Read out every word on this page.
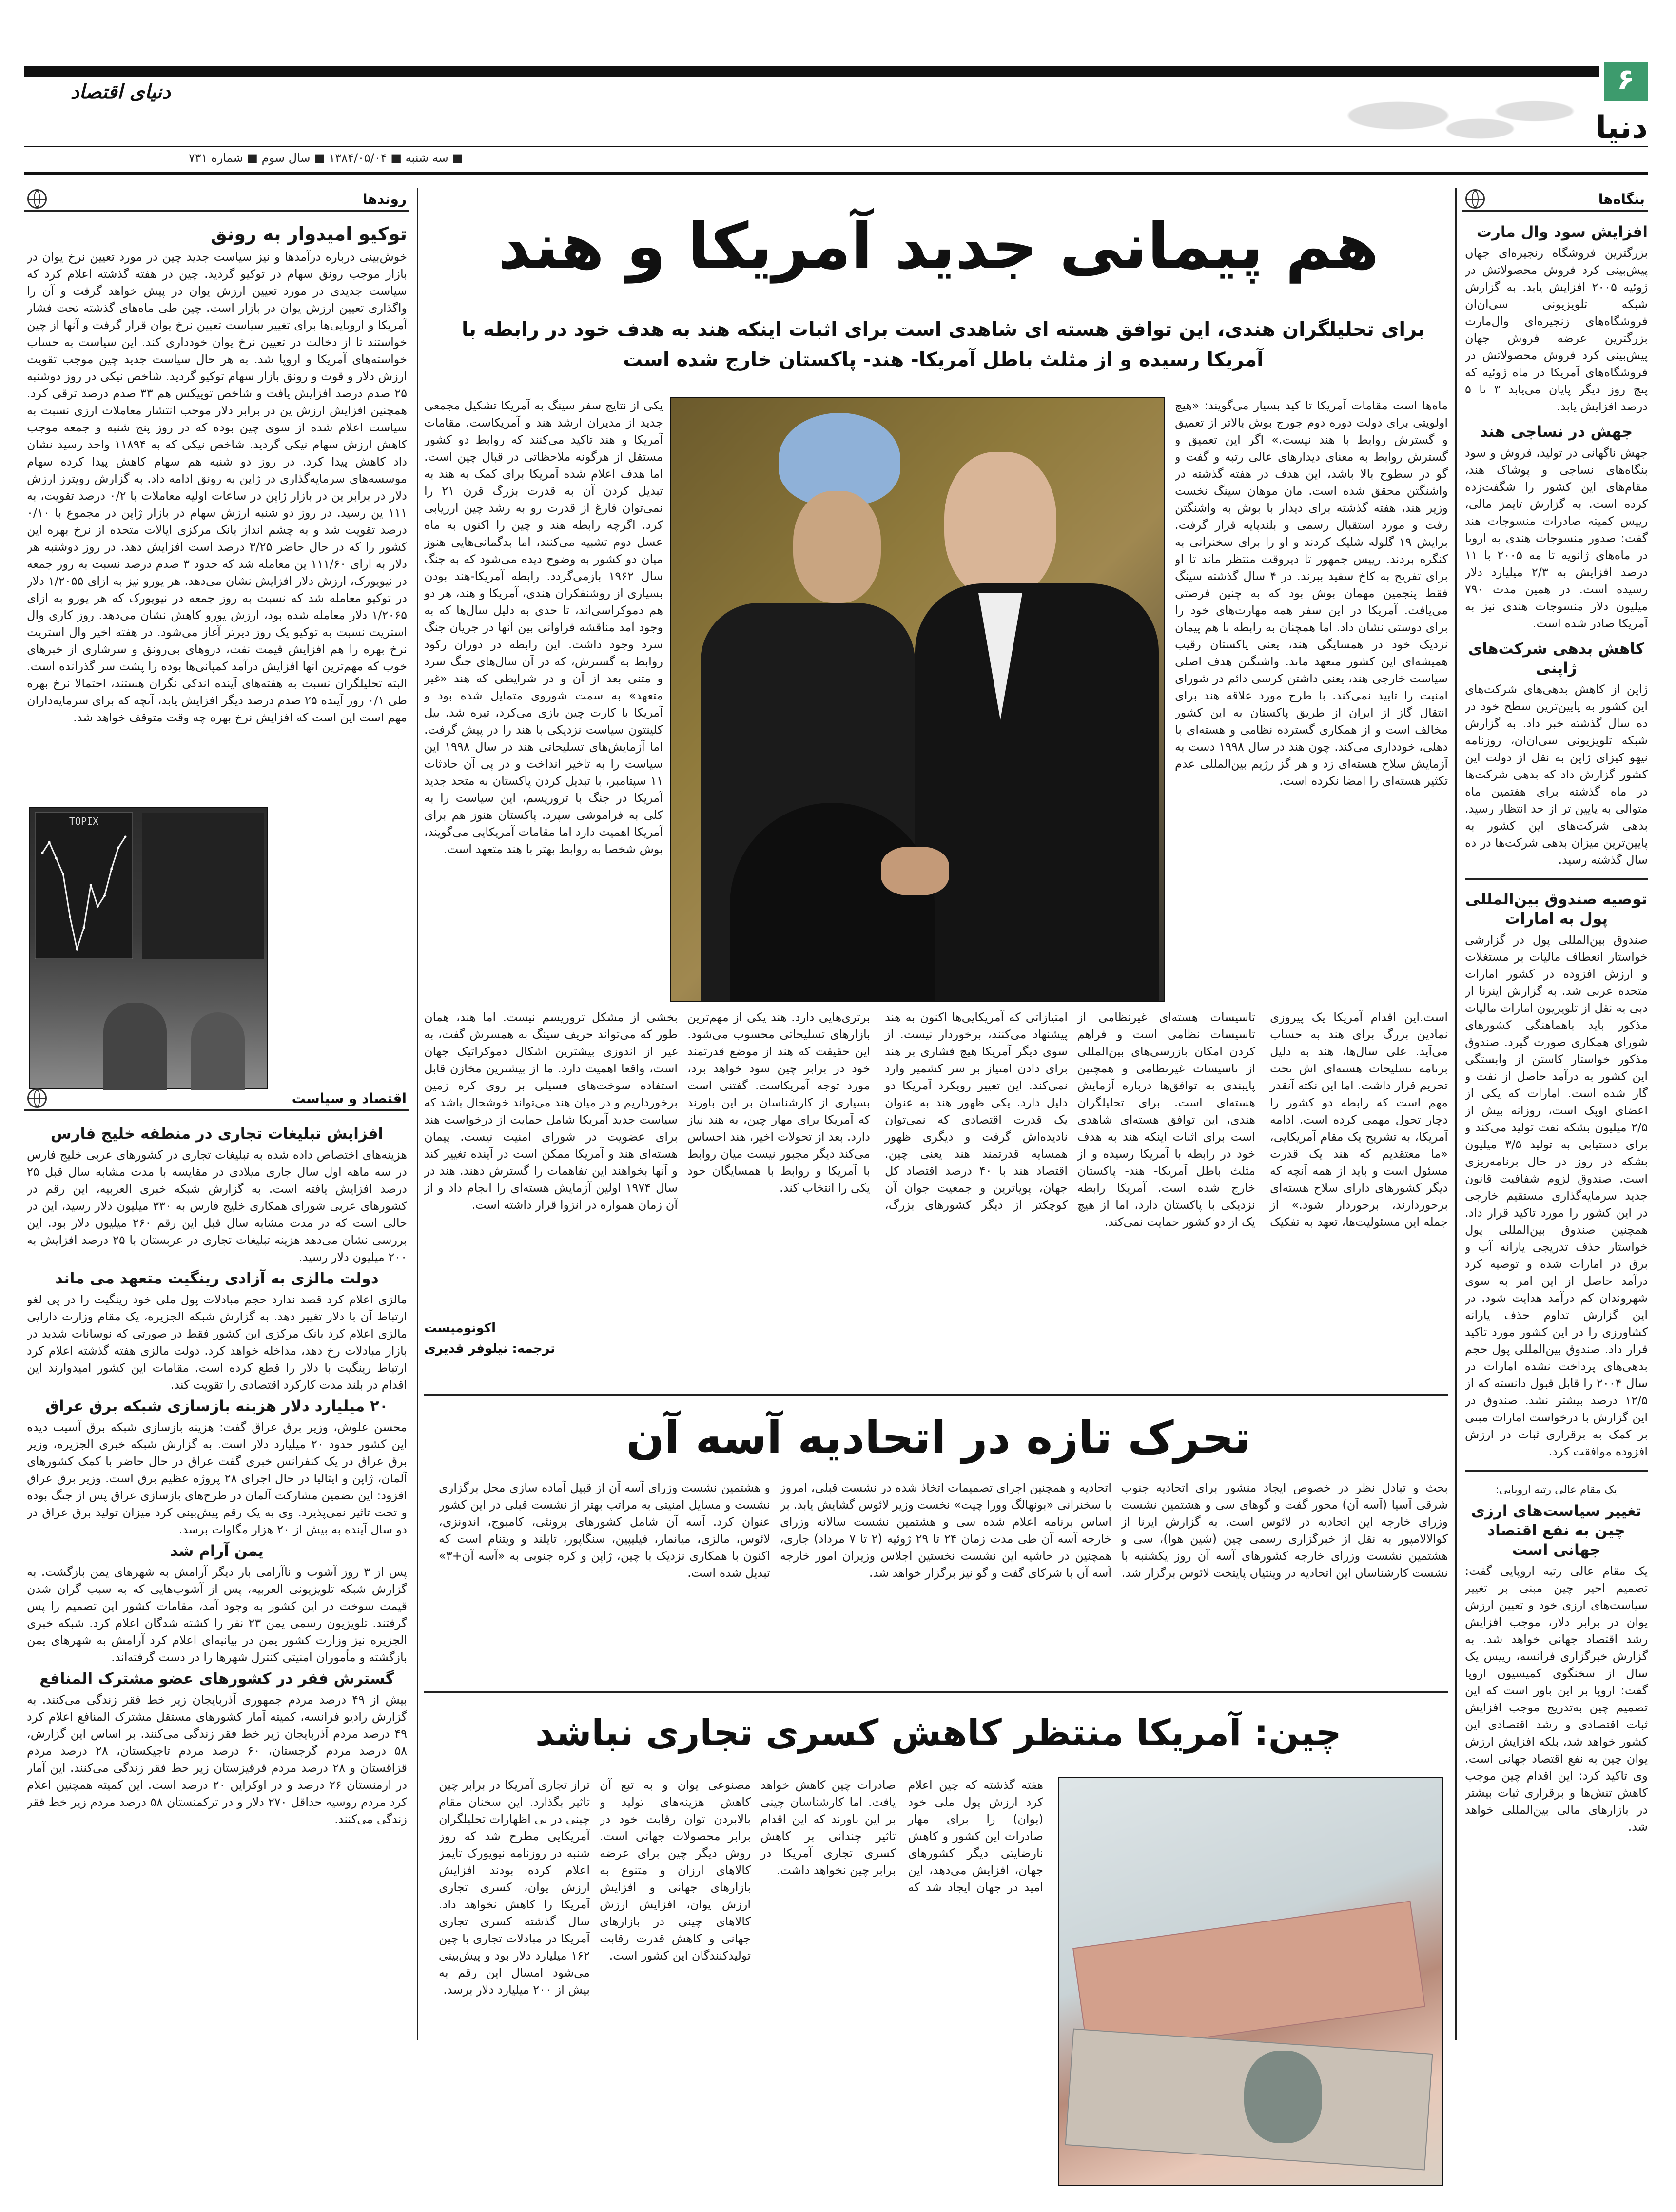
۶
دنیای اقتصاد
دنیا
■ سه شنبه ■ ۱۳۸۴/۰۵/۰۴ ■ سال سوم ■ شماره ۷۳۱
بنگاه‌ها
افزایش سود وال مارت

بزرگترین فروشگاه زنجیره‌ای جهان پیش‌بینی کرد فروش محصولاتش در ژوئیه ۲۰۰۵ افزایش یابد. به گزارش شبکه تلویزیونی سی‌ان‌ان فروشگاه‌های زنجیره‌ای وال‌مارت بزرگترین عرضه فروش جهان پیش‌بینی کرد فروش محصولاتش در فروشگاه‌های آمریکا در ماه ژوئیه که پنج روز دیگر پایان می‌یابد ۳ تا ۵ درصد افزایش یابد.

جهش در نساجی هند

جهش ناگهانی در تولید، فروش و سود بنگاه‌های نساجی و پوشاک هند، مقام‌های این کشور را شگفت‌زده کرده است. به گزارش تایمز مالی، رییس کمیته صادرات منسوجات هند گفت: صدور منسوجات هندی به اروپا در ماه‌های ژانویه تا مه ۲۰۰۵ با ۱۱ درصد افزایش به ۲/۳ میلیارد دلار رسیده است. در همین مدت ۷۹۰ میلیون دلار منسوجات هندی نیز به آمریکا صادر شده است.

کاهش بدهی شرکت‌های ژاپنی

ژاپن از کاهش بدهی‌های شرکت‌های این کشور به پایین‌ترین سطح خود در ده سال گذشته خبر داد. به گزارش شبکه تلویزیونی سی‌ان‌ان، روزنامه نیهو کیزای ژاپن به نقل از دولت این کشور گزارش داد که بدهی شرکت‌ها در ماه گذشته برای هفتمین ماه متوالی به پایین تر از حد انتظار رسید. بدهی شرکت‌های این کشور به پایین‌ترین میزان بدهی شرکت‌ها در ده سال گذشته رسید.

توصیه صندوق بین‌المللی پول به امارات

صندوق بین‌المللی پول در گزارشی خواستار انعطاف مالیات بر مستغلات و ارزش افزوده در کشور امارات متحده عربی شد. به گزارش اینرنا از دبی به نقل از تلویزیون امارات مالیات مذکور باید باهماهنگی کشورهای شورای همکاری صورت گیرد. صندوق مذکور خواستار کاستن از وابستگی این کشور به درآمد حاصل از نفت و گاز شده است. امارات که یکی از اعضای اوپک است، روزانه بیش از ۲/۵ میلیون بشکه نفت تولید می‌کند و برای دستیابی به تولید ۳/۵ میلیون بشکه در روز در حال برنامه‌ریزی است. صندوق لزوم شفافیت قانون جدید سرمایه‌گذاری مستقیم خارجی در این کشور را مورد تاکید قرار داد. همچنین صندوق بین‌المللی پول خواستار حذف تدریجی یارانه آب و برق در امارات شده و توصیه کرد درآمد حاصل از این امر به سوی شهروندان کم درآمد هدایت شود. در این گزارش تداوم حذف یارانه کشاورزی را در این کشور مورد تاکید قرار داد. صندوق بین‌المللی پول حجم بدهی‌های پرداخت نشده امارات در سال ۲۰۰۴ را قابل قبول دانسته که از ۱۲/۵ درصد بیشتر نشد. صندوق در این گزارش با درخواست امارات مبنی بر کمک به برقراری ثبات در ارزش افزوده موافقت کرد.

یک مقام عالی رتبه اروپایی:
تغییر سیاست‌های ارزی چین به نفع اقتصاد جهانی است

یک مقام عالی رتبه اروپایی گفت: تصمیم اخیر چین مبنی بر تغییر سیاست‌های ارزی خود و تعیین ارزش یوان در برابر دلار، موجب افزایش رشد اقتصاد جهانی خواهد شد. به گزارش خبرگزاری فرانسه، رییس یک سال از سخنگوی کمیسیون اروپا گفت: اروپا بر این باور است که این تصمیم چین به‌تدریج موجب افزایش ثبات اقتصادی و رشد اقتصادی این کشور خواهد شد، بلکه افزایش ارزش یوان چین به نفع اقتصاد جهانی است. وی تاکید کرد: این اقدام چین موجب کاهش تنش‌ها و برقراری ثبات بیشتر در بازارهای مالی بین‌المللی خواهد شد.

روندها
توکیو امیدوار به رونق

خوش‌بینی درباره درآمدها و نیز سیاست جدید چین در مورد تعیین نرخ یوان در بازار موجب رونق سهام در توکیو گردید. چین در هفته گذشته اعلام کرد که سیاست جدیدی در مورد تعیین ارزش یوان در پیش خواهد گرفت و آن را واگذاری تعیین ارزش یوان در بازار است. چین طی ماه‌های گذشته تحت فشار آمریکا و اروپایی‌ها برای تغییر سیاست تعیین نرخ یوان قرار گرفت و آنها از چین خواستند تا از دخالت در تعیین نرخ یوان خودداری کند. این سیاست به حساب خواسته‌های آمریکا و اروپا شد. به هر حال سیاست جدید چین موجب تقویت ارزش دلار و قوت و رونق بازار سهام توکیو گردید. شاخص نیکی در روز دوشنبه ۲۵ صدم درصد افزایش یافت و شاخص توپیکس هم ۳۳ صدم درصد ترقی کرد. همچنین افزایش ارزش ین در برابر دلار موجب انتشار معاملات ارزی نسبت به سیاست اعلام شده از سوی چین بوده که در روز پنج شنبه و جمعه موجب کاهش ارزش سهام نیکی گردید. شاخص نیکی که به ۱۱۸۹۴ واحد رسید نشان داد کاهش پیدا کرد. در روز دو شنبه هم سهام کاهش پیدا کرده سهام موسسه‌های سرمایه‌گذاری در ژاپن به رونق ادامه داد. به گزارش رویترز ارزش دلار در برابر ین در بازار ژاپن در ساعات اولیه معاملات با ۰/۲ درصد تقویت، به ۱۱۱ ین رسید. در روز دو شنبه ارزش سهام در بازار ژاپن در مجموع با ۰/۱۰ درصد تقویت شد و به چشم انداز بانک مرکزی ایالات متحده از نرخ بهره این کشور را که در حال حاضر ۳/۲۵ درصد است افزایش دهد. در روز دوشنبه هر دلار به ازای ۱۱۱/۶۰ ین معامله شد که حدود ۳ صدم درصد نسبت به روز جمعه در نیویورک، ارزش دلار افزایش نشان می‌دهد. هر یورو نیز به ازای ۱/۲۰۵۵ دلار در توکیو معامله شد که نسبت به روز جمعه در نیویورک که هر یورو به ازای ۱/۲۰۶۵ دلار معامله شده بود، ارزش یورو کاهش نشان می‌دهد. روز کاری وال استریت نسبت به توکیو یک روز دیرتر آغاز می‌شود. در هفته اخیر وال استریت نرخ بهره را هم افزایش قیمت نفت، دروهای بی‌رونق و سرشاری از خبرهای خوب که مهم‌ترین آنها افزایش درآمد کمپانی‌ها بوده را پشت سر گذرانده است. البته تحلیلگران نسبت به هفته‌های آینده اندکی نگران هستند، احتمالا نرخ بهره طی ۰/۱ روز آینده ۲۵ صدم درصد دیگر افزایش یابد، آنچه که برای سرمایه‌داران مهم است این است که افزایش نرخ بهره چه وقت متوقف خواهد شد.

TOPIX
اقتصاد و سیاست
افزایش تبلیغات تجاری در منطقه خلیج فارس

هزینه‌های اختصاص داده شده به تبلیغات تجاری در کشورهای عربی خلیج فارس در سه ماهه اول سال جاری میلادی در مقایسه با مدت مشابه سال قبل ۲۵ درصد افزایش یافته است. به گزارش شبکه خبری العربیه، این رقم در کشورهای عربی شورای همکاری خلیج فارس به ۳۳۰ میلیون دلار رسید، این در حالی است که در مدت مشابه سال قبل این رقم ۲۶۰ میلیون دلار بود. این بررسی نشان می‌دهد هزینه تبلیغات تجاری در عربستان با ۲۵ درصد افزایش به ۲۰۰ میلیون دلار رسید.

دولت مالزی به آزادی رینگیت متعهد می ماند

مالزی اعلام کرد قصد ندارد حجم مبادلات پول ملی خود رینگیت را در پی لغو ارتباط آن با دلار تغییر دهد. به گزارش شبکه الجزیره، یک مقام وزارت دارایی مالزی اعلام کرد بانک مرکزی این کشور فقط در صورتی که نوسانات شدید در بازار مبادلات رخ دهد، مداخله خواهد کرد. دولت مالزی هفته گذشته اعلام کرد ارتباط رینگیت با دلار را قطع کرده است. مقامات این کشور امیدوارند این اقدام در بلند مدت کارکرد اقتصادی را تقویت کند.

۲۰ میلیارد دلار هزینه بازسازی شبکه برق عراق

محسن علوش، وزیر برق عراق گفت: هزینه بازسازی شبکه برق آسیب دیده این کشور حدود ۲۰ میلیارد دلار است. به گزارش شبکه خبری الجزیره، وزیر برق عراق در یک کنفرانس خبری گفت عراق در حال حاضر با کمک کشورهای آلمان، ژاپن و ایتالیا در حال اجرای ۲۸ پروژه عظیم برق است. وزیر برق عراق افزود: این تضمین مشارکت آلمان در طرح‌های بازسازی عراق پس از جنگ بوده و تحت تاثیر نمی‌پذیرد. وی به یک رقم پیش‌بینی کرد میزان تولید برق عراق در دو سال آینده به بیش از ۲۰ هزار مگاوات برسد.

یمن آرام شد

پس از ۳ روز آشوب و ناآرامی بار دیگر آرامش به شهرهای یمن بازگشت. به گزارش شبکه تلویزیونی العربیه، پس از آشوب‌هایی که به سبب گران شدن قیمت سوخت در این کشور به وجود آمد، مقامات کشور این تصمیم را پس گرفتند. تلویزیون رسمی یمن ۲۳ نفر را کشته شدگان اعلام کرد. شبکه خبری الجزیره نیز وزارت کشور یمن در بیانیه‌ای اعلام کرد آرامش به شهرهای یمن بازگشته و مأموران امنیتی کنترل شهرها را در دست گرفته‌اند.

گسترش فقر در کشورهای عضو مشترک المنافع

بیش از ۴۹ درصد مردم جمهوری آذربایجان زیر خط فقر زندگی می‌کنند. به گزارش رادیو فرانسه، کمیته آمار کشورهای مستقل مشترک المنافع اعلام کرد ۴۹ درصد مردم آذربایجان زیر خط فقر زندگی می‌کنند. بر اساس این گزارش، ۵۸ درصد مردم گرجستان، ۶۰ درصد مردم تاجیکستان، ۲۸ درصد مردم قزاقستان و ۲۸ درصد مردم قرقیزستان زیر خط فقر زندگی می‌کنند. این آمار در ارمنستان ۲۶ درصد و در اوکراین ۲۰ درصد است. این کمیته همچنین اعلام کرد مردم روسیه حداقل ۲۷۰ دلار و در ترکمنستان ۵۸ درصد مردم زیر خط فقر زندگی می‌کنند.

هم پیمانی جدید آمریکا و هند
برای تحلیلگران هندی، این توافق هسته ای شاهدی است برای اثبات اینکه هند به هدف خود در رابطه با آمریکا رسیده و از مثلث باطل آمریکا- هند- پاکستان خارج شده است
ماه‌ها است مقامات آمریکا تا کید بسیار می‌گویند: «هیچ اولویتی برای دولت دوره دوم جورج بوش بالاتر از تعمیق و گسترش روابط با هند نیست.» اگر این تعمیق و گسترش روابط به معنای دیدارهای عالی رتبه و گفت و گو در سطوح بالا باشد، این هدف در هفته گذشته در واشنگتن محقق شده است. مان موهان سینگ نخست وزیر هند، هفته گذشته برای دیدار با بوش به واشنگتن رفت و مورد استقبال رسمی و بلندپایه قرار گرفت. برایش ۱۹ گلوله شلیک کردند و او را برای سخنرانی به کنگره بردند. رییس جمهور تا دیروقت منتظر ماند تا او برای تفریح به کاخ سفید ببرند. در ۴ سال گذشته سینگ فقط پنجمین مهمان بوش بود که به چنین فرصتی می‌یافت. آمریکا در این سفر همه مهارت‌های خود را برای دوستی نشان داد. اما همچنان به رابطه با هم پیمان نزدیک خود در همسایگی هند، یعنی پاکستان رقیب همیشه‌ای این کشور متعهد ماند. واشنگتن هدف اصلی سیاست خارجی هند، یعنی داشتن کرسی دائم در شورای امنیت را تایید نمی‌کند. با طرح مورد علاقه هند برای انتقال گاز از ایران از طریق پاکستان به این کشور مخالف است و از همکاری گسترده نظامی و هسته‌ای با دهلی، خودداری می‌کند. چون هند در سال ۱۹۹۸ دست به آزمایش سلاح هسته‌ای زد و هر گز رژیم بین‌المللی عدم تکثیر هسته‌ای را امضا نکرده است.
یکی از نتایج سفر سینگ به آمریکا تشکیل مجمعی جدید از مدیران ارشد هند و آمریکاست. مقامات آمریکا و هند تاکید می‌کنند که روابط دو کشور مستقل از هرگونه ملاحظاتی در قبال چین است. اما هدف اعلام شده آمریکا برای کمک به هند به تبدیل کردن آن به قدرت بزرگ قرن ۲۱ را نمی‌توان فارغ از قدرت رو به رشد چین ارزیابی کرد. اگرچه رابطه هند و چین را اکنون به ماه عسل دوم تشبیه می‌کنند، اما بدگمانی‌هایی هنوز میان دو کشور به وضوح دیده می‌شود که به جنگ سال ۱۹۶۲ بازمی‌گردد. رابطه آمریکا-هند بودن بسیاری از روشنفکران هندی، آمریکا و هند، هر دو هم دموکراسی‌اند، تا حدی به دلیل سال‌ها که به وجود آمد مناقشه فراوانی بین آنها در جریان جنگ سرد وجود داشت. این رابطه در دوران رکود روابط به گسترش، که در آن سال‌های جنگ سرد و متنی بعد از آن و در شرایطی که هند «غیر متعهد» به سمت شوروی متمایل شده بود و آمریکا با کارت چین بازی می‌کرد، تیره شد. بیل کلینتون سیاست نزدیکی با هند را در پیش گرفت. اما آزمایش‌های تسلیحاتی هند در سال ۱۹۹۸ این سیاست را به تاخیر انداخت و در پی آن حادثات ۱۱ سپتامبر، با تبدیل کردن پاکستان به متحد جدید آمریکا در جنگ با تروریسم، این سیاست را به کلی به فراموشی سپرد. پاکستان هنوز هم برای آمریکا اهمیت دارد اما مقامات آمریکایی می‌گویند، بوش شخصا به روابط بهتر با هند متعهد است.
است.این اقدام آمریکا یک پیروزی نمادین بزرگ برای هند به حساب می‌آید. علی سال‌ها، هند به دلیل برنامه تسلیحات هسته‌ای اش تحت تحریم قرار داشت. اما این نکته آنقدر مهم است که رابطه دو کشور را دچار تحول مهمی کرده است. ادامه آمریکا، به تشریح یک مقام آمریکایی، «ما معتقدیم که هند یک قدرت مسئول است و باید از همه آنچه که دیگر کشورهای دارای سلاح هسته‌ای برخوردارند، برخوردار شود.» از جمله این مسئولیت‌ها، تعهد به تفکیک تاسیسات هسته‌ای غیرنظامی از تاسیسات نظامی است و فراهم کردن امکان بازرسی‌های بین‌المللی از تاسیسات غیرنظامی و همچنین پایبندی به توافق‌ها درباره آزمایش هسته‌ای است. برای تحلیلگران هندی، این توافق هسته‌ای شاهدی است برای اثبات اینکه هند به هدف خود در رابطه با آمریکا رسیده و از مثلث باطل آمریکا- هند- پاکستان خارج شده است. آمریکا رابطه نزدیکی با پاکستان دارد، اما از هیچ یک از دو کشور حمایت نمی‌کند.
امتیازاتی که آمریکایی‌ها اکنون به هند پیشنهاد می‌کنند، برخوردار نیست. از سوی دیگر آمریکا هیچ فشاری بر هند برای دادن امتیاز بر سر کشمیر وارد نمی‌کند. این تغییر رویکرد آمریکا دو دلیل دارد. یکی ظهور هند به عنوان یک قدرت اقتصادی که نمی‌توان نادیده‌اش گرفت و دیگری ظهور همسایه قدرتمند هند یعنی چین. اقتصاد هند با ۴۰ درصد اقتصاد کل جهان، پویاترین و جمعیت جوان آن کوچکتر از دیگر کشورهای بزرگ، برتری‌هایی دارد. هند یکی از مهم‌ترین بازارهای تسلیحاتی محسوب می‌شود. این حقیقت که هند از موضع قدرتمند خود در برابر چین سود خواهد برد، مورد توجه آمریکاست. گفتنی است بسیاری از کارشناسان بر این باورند که آمریکا برای مهار چین، به هند نیاز دارد. بعد از تحولات اخیر، هند احساس می‌کند دیگر مجبور نیست میان روابط با آمریکا و روابط با همسایگان خود یکی را انتخاب کند.
بخشی از مشکل تروریسم نیست. اما هند، همان طور که می‌تواند حریف سینگ به همسرش گفت، به غیر از اندوزی بیشترین اشکال دموکراتیک جهان است، واقعا اهمیت دارد. ما از بیشترین مخازن قابل استفاده سوخت‌های فسیلی بر روی کره زمین برخورداریم و در میان هند می‌تواند خوشحال باشد که سیاست جدید آمریکا شامل حمایت از درخواست هند برای عضویت در شورای امنیت نیست. پیمان هسته‌ای هند و آمریکا ممکن است در آینده تغییر کند و آنها بخواهند این تفاهمات را گسترش دهند. هند در سال ۱۹۷۴ اولین آزمایش هسته‌ای را انجام داد و از آن زمان همواره در انزوا قرار داشته است.
اکونومیست
ترجمه: نیلوفر قدیری
تحرک تازه در اتحادیه آسه آن
بحث و تبادل نظر در خصوص ایجاد منشور برای اتحادیه جنوب شرقی آسیا (آسه آن) محور گفت و گوهای سی و هشتمین نشست وزرای خارجه این اتحادیه در لائوس است. به گزارش ایرنا از کوالالامپور به نقل از خبرگزاری رسمی چین (شین هوا)، سی و هشتمین نشست وزرای خارجه کشورهای آسه آن روز یکشنبه با نشست کارشناسان این اتحادیه در وینتیان پایتخت لائوس برگزار شد.
اتحادیه و همچنین اجرای تصمیمات اتخاذ شده در نشست قبلی، امروز با سخنرانی «بونهالگ وورا چیت» نخست وزیر لائوس گشایش یابد. بر اساس برنامه اعلام شده سی و هشتمین نشست سالانه وزرای خارجه آسه آن طی مدت زمان ۲۴ تا ۲۹ ژوئیه (۲ تا ۷ مرداد) جاری، همچنین در حاشیه این نشست نخستین اجلاس وزیران امور خارجه آسه آن با شرکای گفت و گو نیز برگزار خواهد شد.
و هشتمین نشست وزرای آسه آن از قبیل آماده سازی محل برگزاری نشست و مسایل امنیتی به مراتب بهتر از نشست قبلی در این کشور عنوان کرد. آسه آن شامل کشورهای برونئی، کامبوج، اندونزی، لائوس، مالزی، میانمار، فیلیپین، سنگاپور، تایلند و ویتنام است که اکنون با همکاری نزدیک با چین، ژاپن و کره جنوبی به «آسه آن+۳» تبدیل شده است.
چین: آمریکا منتظر کاهش کسری تجاری نباشد
هفته گذشته که چین اعلام کرد ارزش پول ملی خود (یوان) را برای مهار صادرات این کشور و کاهش نارضایتی دیگر کشورهای جهان، افزایش می‌دهد، این امید در جهان ایجاد شد که صادرات چین کاهش خواهد یافت. اما کارشناسان چینی بر این باورند که این اقدام تاثیر چندانی بر کاهش کسری تجاری آمریکا در برابر چین نخواهد داشت.
مصنوعی یوان و به تبع آن کاهش هزینه‌های تولید و بالابردن توان رقابت خود در برابر محصولات جهانی است. روش دیگر چین برای عرضه کالاهای ارزان و متنوع به بازارهای جهانی و افزایش ارزش یوان، افزایش ارزش کالاهای چینی در بازارهای جهانی و کاهش قدرت رقابت تولیدکنندگان این کشور است.
تراز تجاری آمریکا در برابر چین تاثیر بگذارد. این سخنان مقام چینی در پی اظهارات تحلیلگران آمریکایی مطرح شد که روز شنبه در روزنامه نیویورک تایمز اعلام کرده بودند افزایش ارزش یوان، کسری تجاری آمریکا را کاهش نخواهد داد. سال گذشته کسری تجاری آمریکا در مبادلات تجاری با چین ۱۶۲ میلیارد دلار بود و پیش‌بینی می‌شود امسال این رقم به بیش از ۲۰۰ میلیارد دلار برسد.
